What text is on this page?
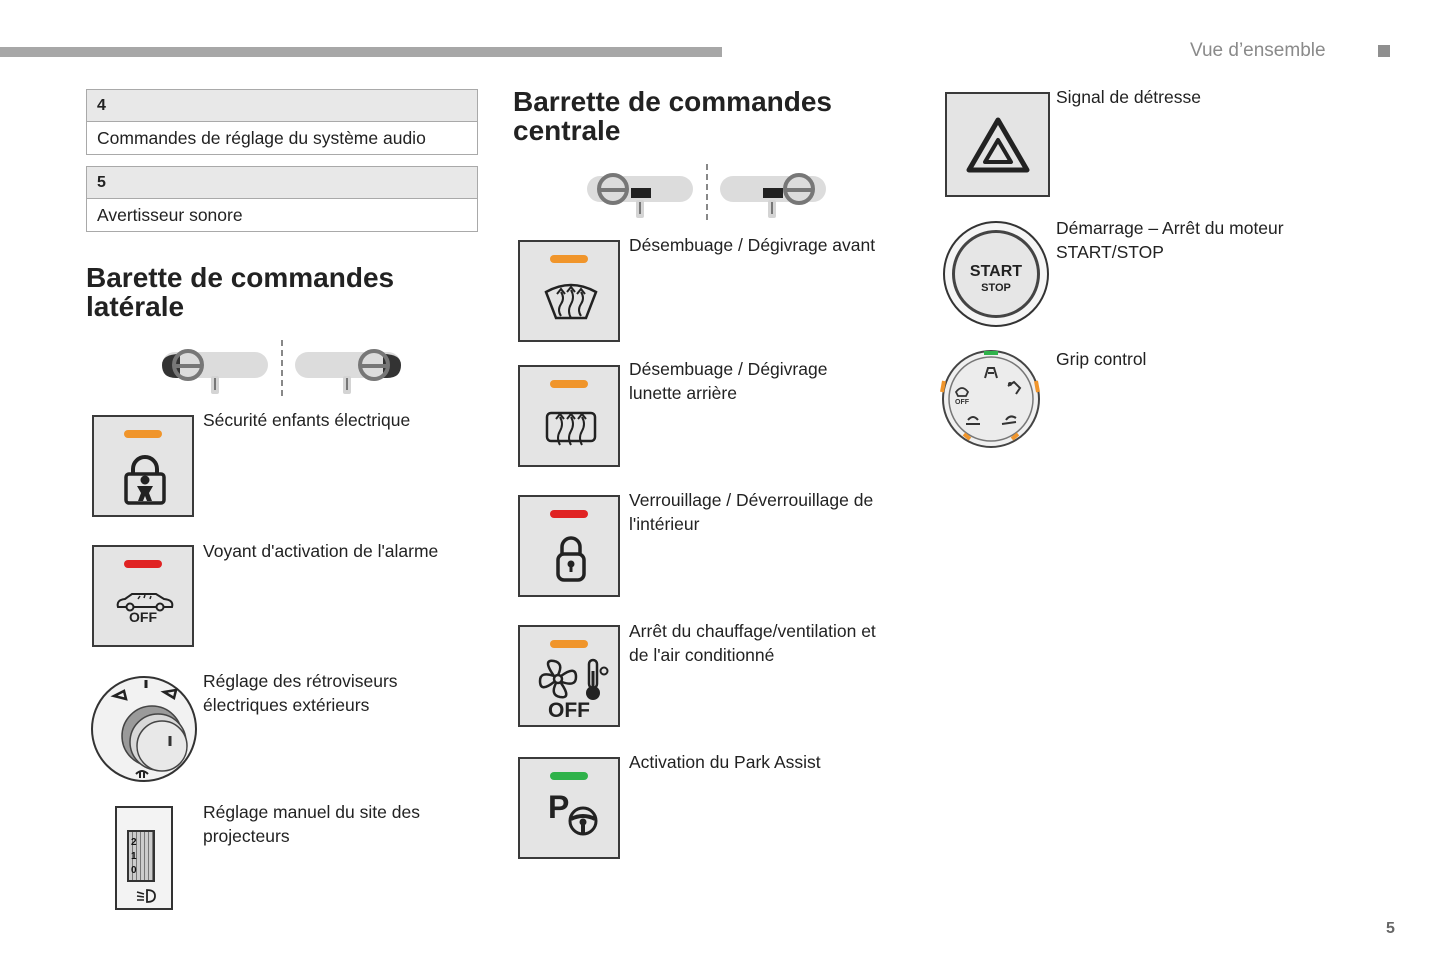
Vue d’ensemble
4
Commandes de réglage du système audio
5
Avertisseur sonore
Barette de commandes
latérale
Sécurité enfants électrique
OFF
Voyant d'activation de l'alarme
Réglage des rétroviseurs
électriques extérieurs
2
1
0
Réglage manuel du site des
projecteurs
Barrette de commandes
centrale
Désembuage / Dégivrage avant
Désembuage / Dégivrage
lunette arrière
Verrouillage / Déverrouillage de
l'intérieur
OFF
Arrêt du chauffage/ventilation et
de l'air conditionné
P
Activation du Park Assist
Signal de détresse
START
STOP
Démarrage – Arrêt du moteur
START/STOP
OFF
Grip control
5
